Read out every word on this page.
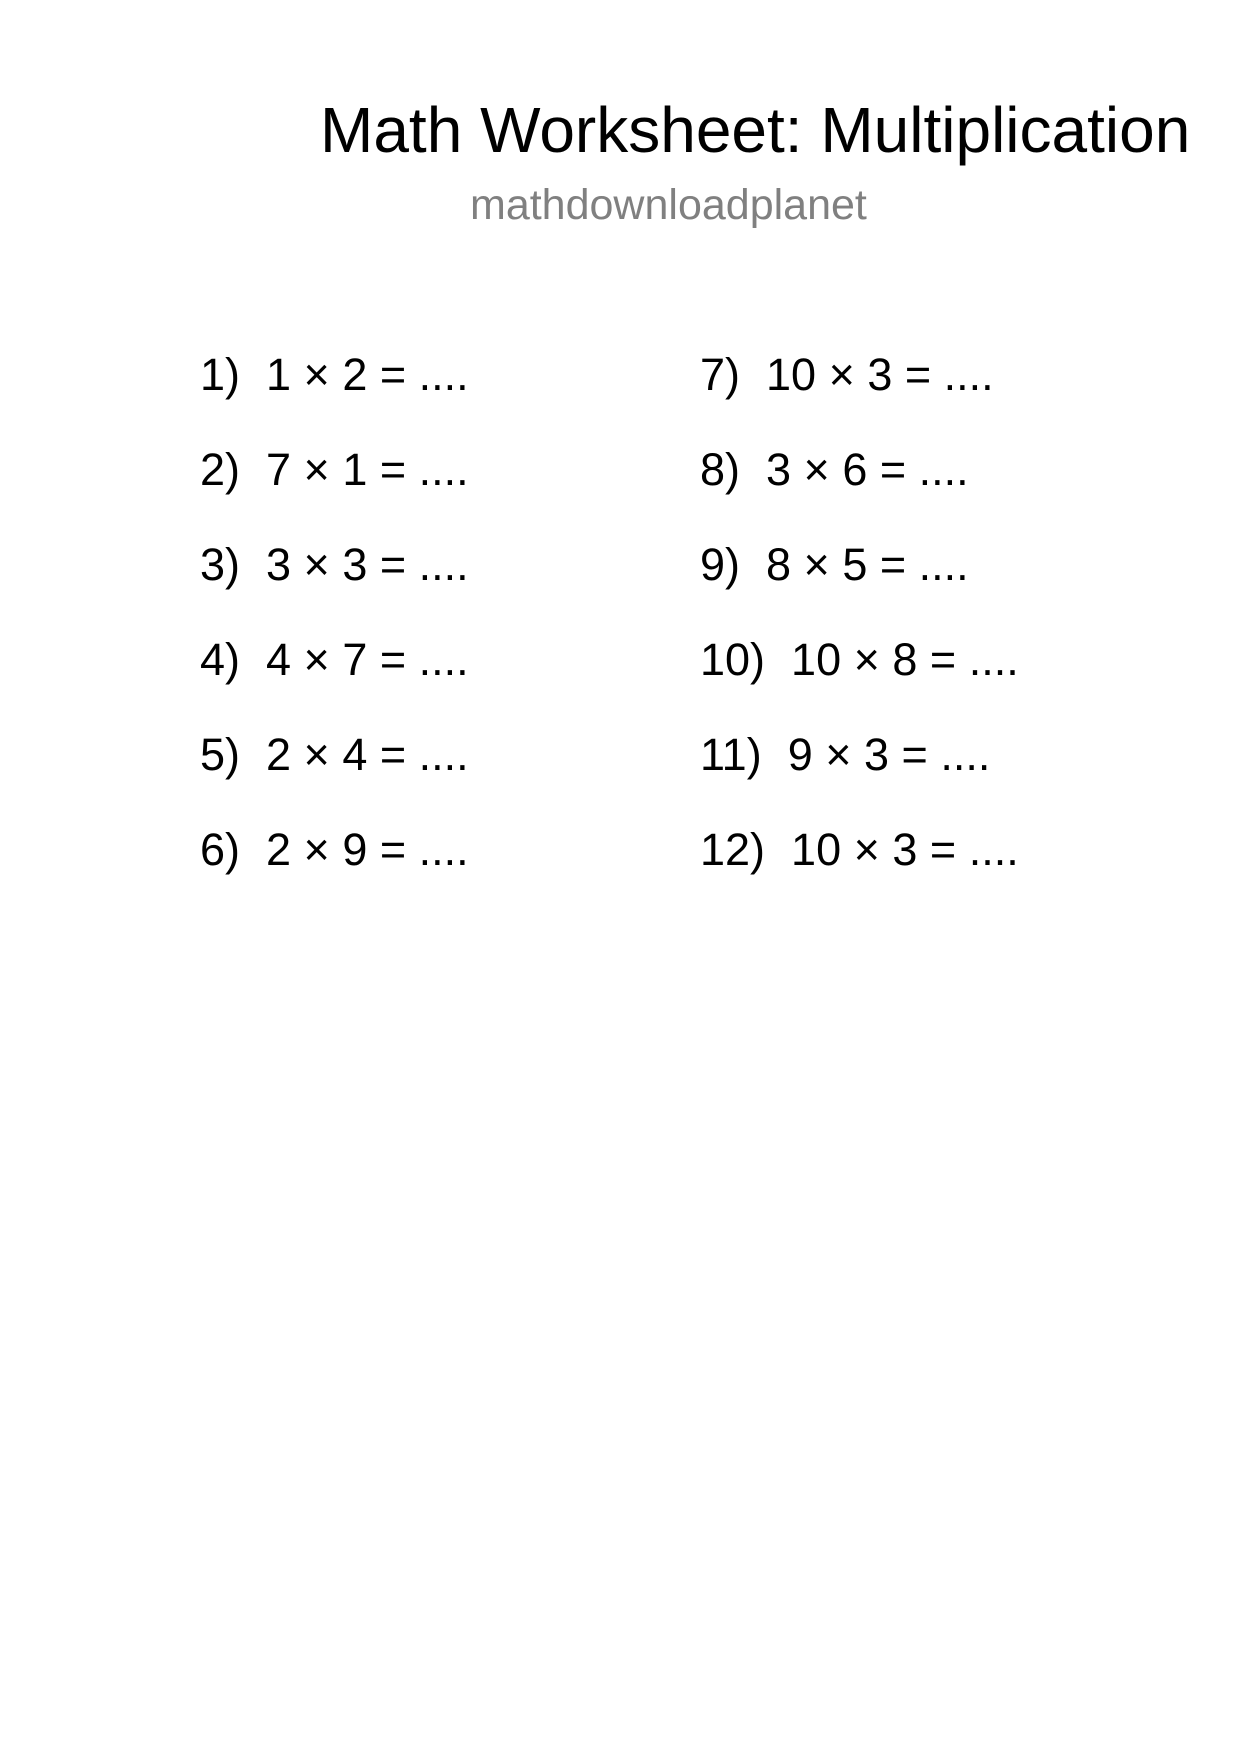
Math Worksheet: Multiplication
mathdownloadplanet
1) 1 × 2 = ....
2) 7 × 1 = ....
3) 3 × 3 = ....
4) 4 × 7 = ....
5) 2 × 4 = ....
6) 2 × 9 = ....
7) 10 × 3 = ....
8) 3 × 6 = ....
9) 8 × 5 = ....
10) 10 × 8 = ....
11) 9 × 3 = ....
12) 10 × 3 = ....
